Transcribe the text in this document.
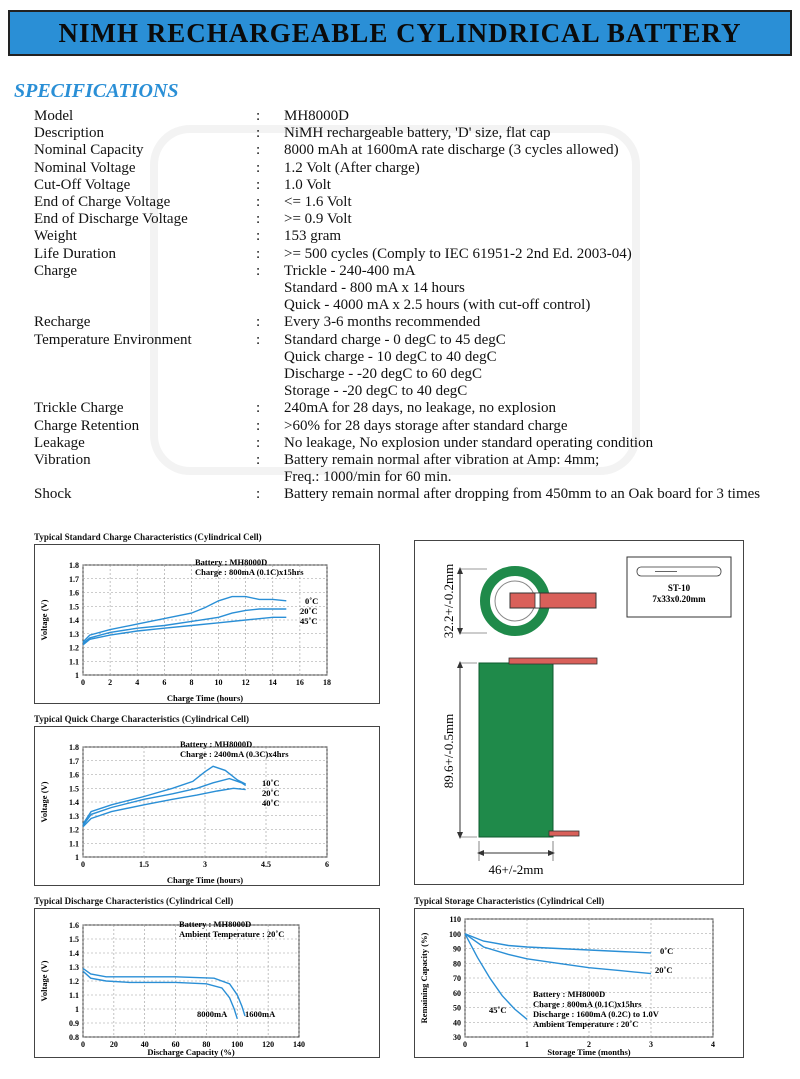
NIMH RECHARGEABLE CYLINDRICAL BATTERY
SPECIFICATIONS
Model	:	MH8000D
Description	:	NiMH rechargeable battery, 'D' size, flat cap
Nominal Capacity	:	8000 mAh at 1600mA rate discharge (3 cycles allowed)
Nominal Voltage	:	1.2 Volt (After charge)
Cut-Off Voltage	:	1.0 Volt
End of Charge Voltage	:	<= 1.6 Volt
End of Discharge Voltage	:	>= 0.9 Volt
Weight	:	153 gram
Life Duration	:	>= 500 cycles (Comply to IEC 61951-2 2nd Ed. 2003-04)
Charge	:	Trickle - 240-400 mA
Standard - 800 mA x 14 hours
Quick - 4000 mA x 2.5 hours (with cut-off control)
Recharge	:	Every 3-6 months recommended
Temperature Environment	:	Standard charge - 0 degC to 45 degC
Quick charge - 10 degC to 40 degC
Discharge - -20 degC to 60 degC
Storage - -20 degC to 40 degC
Trickle Charge	:	240mA for 28 days, no leakage, no explosion
Charge Retention	:	>60% for 28 days storage after standard charge
Leakage	:	No leakage, No explosion under standard operating condition
Vibration	:	Battery remain normal after vibration at Amp: 4mm;
Freq.: 1000/min for 60 min.
Shock	:	Battery remain normal after dropping from 450mm to an Oak board for 3 times
Typical Standard Charge Characteristics (Cylindrical Cell)
Typical Quick Charge Characteristics (Cylindrical Cell)
Typical Discharge Characteristics (Cylindrical Cell)	Typical Storage Characteristics (Cylindrical Cell)
0	2	4	6	8	10 12 14 16 18
1
1.1
1.2
1.3
1.4
1.5
1.6
1.7
1.8
Charge Time (hours)
Voltage (V)
Battery : MH8000D
Charge : 800mA (0.1C)x15hrs
0˚C
20˚C
45˚C
0	1.5	3	4.5	6
1
1.1
1.2
1.3
1.4
1.5
1.6
1.7
1.8
Charge Time (hours)
Voltage (V)
Battery : MH8000D
Charge : 2400mA (0.3C)x4hrs
10˚C
20˚C
40˚C
0	20	40	60	80	100 120 140
0.8
0.9
1
1.1
1.2
1.3
1.4
1.5
1.6
Discharge Capacity (%)
Voltage (V)
Battery : MH8000D
Ambient Temperature : 20˚C
8000mA 1600mA
0	1	2	3	4
30
40
50
60
70
80
90
100
110
Storage Time (months)
Remaining Capacity (%)	Battery : MH8000D
Charge : 800mA (0.1C)x15hrs
Discharge : 1600mA (0.2C) to 1.0V
Ambient Temperature : 20˚C
0˚C
20˚C
45˚C
32.2+/-0.2mm
89.6+/-0.5mm
46+/-2mm
ST-10
7x33x0.20mm
